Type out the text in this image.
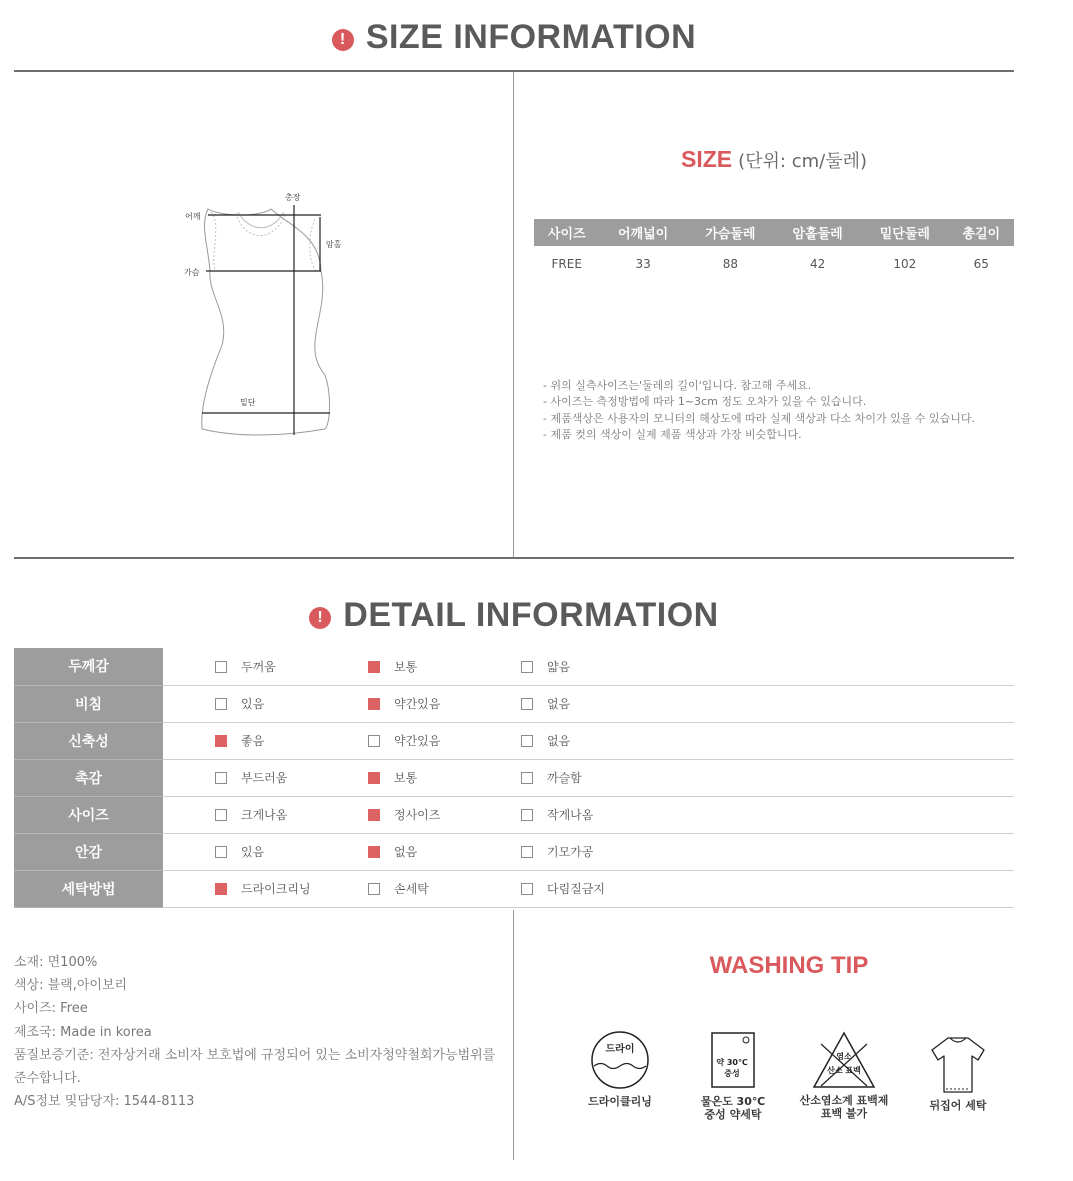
! SIZE INFORMATION
총장
어깨
암홀
가슴
밑단
SIZE (단위: cm/둘레)
사이즈	어깨넓이	가슴둘레	암홀둘레	밑단둘레	총길이
FREE	33	88	42	102	65
- 위의 실측사이즈는'둘레의 길이'입니다. 참고해 주세요.
- 사이즈는 측정방법에 따라 1~3cm 정도 오차가 있을 수 있습니다.
- 제품색상은 사용자의 모니터의 해상도에 따라 실제 색상과 다소 차이가 있을 수 있습니다.
- 제품 컷의 색상이 실제 제품 색상과 가장 비슷합니다.
! DETAIL INFORMATION
두께감	두꺼움 보통 얇음
비침	있음 약간있음 없음
신축성	좋음 약간있음 없음
촉감	부드러움 보통 까슬함
사이즈	크게나옴 정사이즈 작게나옴
안감	있음 없음 기모가공
세탁방법	드라이크리닝 손세탁 다림질금지
소재: 면100%
색상: 블랙,아이보리
사이즈: Free
제조국: Made in korea
품질보증기준: 전자상거래 소비자 보호법에 규정되어 있는 소비자청약철회가능범위를
준수합니다.
A/S정보 및담당자: 1544-8113
WASHING TIP
드라이
드라이클리닝
약 30℃
중성
물온도 30℃
중성 약세탁
염소
산소 표백
산소염소계 표백제
표백 불가
뒤집어 세탁
